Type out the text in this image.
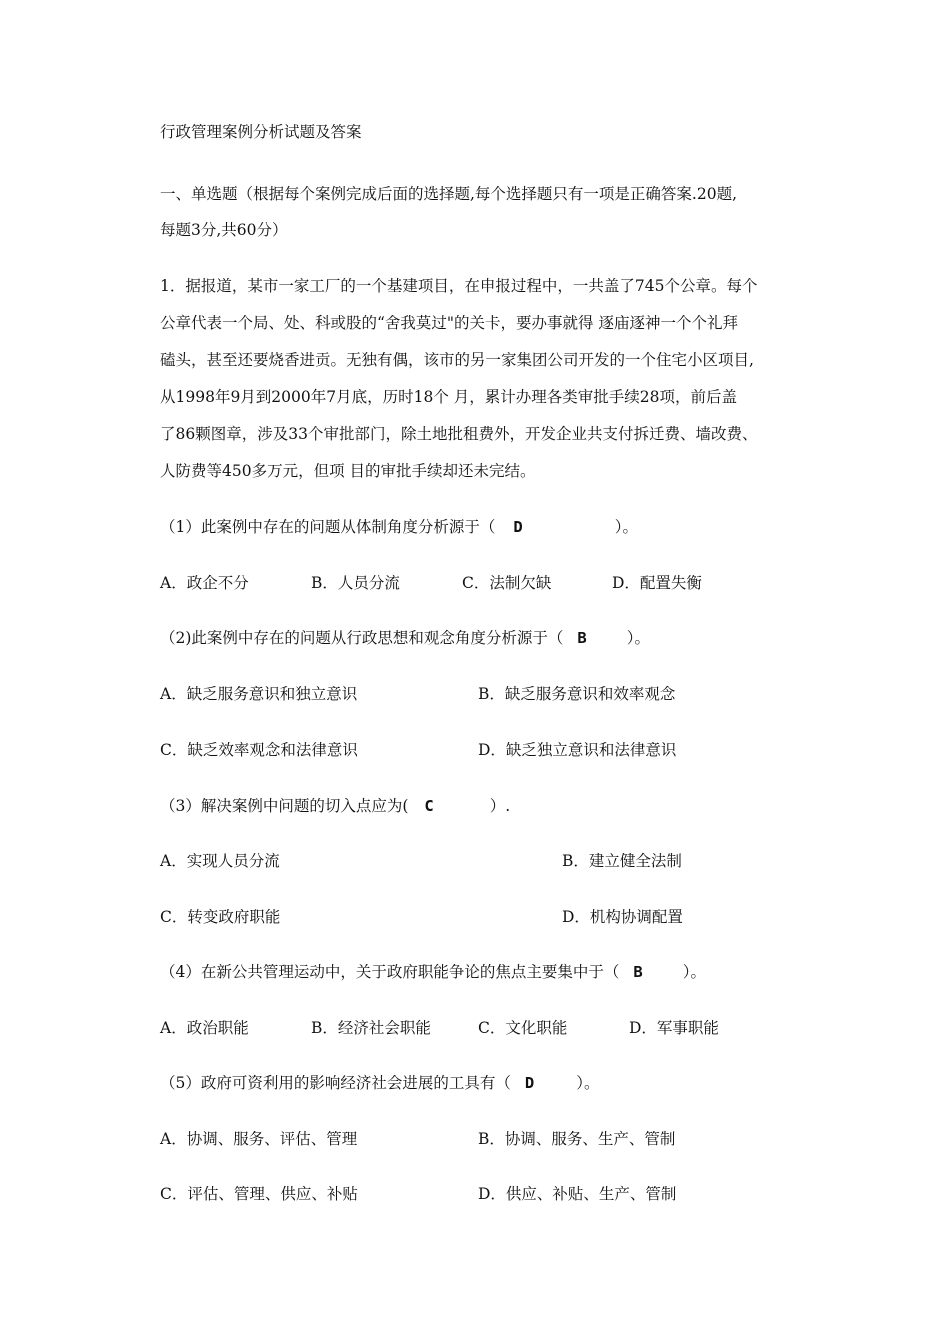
行政管理案例分析试题及答案
一、单选题（根据每个案例完成后面的选择题,每个选择题只有一项是正确答案.20题,
每题3分,共60分）
1．据报道，某市一家工厂的一个基建项目，在申报过程中，一共盖了745个公章。每个
公章代表一个局、处、科或股的“舍我莫过"的关卡，要办事就得 逐庙逐神一个个礼拜
磕头，甚至还要烧香进贡。无独有偶，该市的另一家集团公司开发的一个住宅小区项目,
从1998年9月到2000年7月底，历时18个 月，累计办理各类审批手续28项，前后盖
了86颗图章，涉及33个审批部门，除土地批租费外，开发企业共支付拆迁费、墙改费、
人防费等450多万元，但项 目的审批手续却还未完结。
（1）此案例中存在的问题从体制角度分析源于（ D	）。
A．政企不分	B．人员分流	C．法制欠缺	D．配置失衡
（2)此案例中存在的问题从行政思想和观念角度分析源于（ B	）。
A．缺乏服务意识和独立意识	B．缺乏服务意识和效率观念
C．缺乏效率观念和法律意识	D．缺乏独立意识和法律意识
（3）解决案例中问题的切入点应为( C	）.
A．实现人员分流	B．建立健全法制
C．转变政府职能	D．机构协调配置
（4）在新公共管理运动中，关于政府职能争论的焦点主要集中于（ B	）。
A．政治职能	B．经济社会职能	C．文化职能	D．军事职能
（5）政府可资利用的影响经济社会进展的工具有（ D	）。
A．协调、服务、评估、管理	B．协调、服务、生产、管制
C．评估、管理、供应、补贴	D．供应、补贴、生产、管制
